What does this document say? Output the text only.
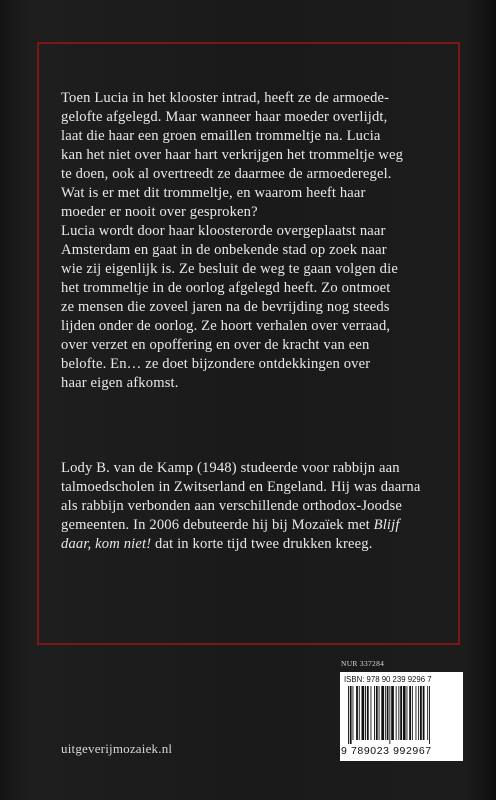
Toen Lucia in het klooster intrad, heeft ze de armoede-
gelofte afgelegd. Maar wanneer haar moeder overlijdt,
laat die haar een groen emaillen trommeltje na. Lucia
kan het niet over haar hart verkrijgen het trommeltje weg
te doen, ook al overtreedt ze daarmee de armoederegel.
Wat is er met dit trommeltje, en waarom heeft haar
moeder er nooit over gesproken?

Lucia wordt door haar kloosterorde overgeplaatst naar
Amsterdam en gaat in de onbekende stad op zoek naar
wie zij eigenlijk is. Ze besluit de weg te gaan volgen die
het trommeltje in de oorlog afgelegd heeft. Zo ontmoet
ze mensen die zoveel jaren na de bevrijding nog steeds
lijden onder de oorlog. Ze hoort verhalen over verraad,
over verzet en opoffering en over de kracht van een
belofte. En… ze doet bijzondere ontdekkingen over
haar eigen afkomst.

Lody B. van de Kamp (1948) studeerde voor rabbijn aan talmoedscholen in Zwitserland en Engeland. Hij was daarna als rabbijn verbonden aan verschillende orthodox-Joodse gemeenten. In 2006 debuteerde hij bij Mozaïek met Blijf daar, kom niet! dat in korte tijd twee drukken kreeg.

NUR 337284
ISBN: 978 90 239 9296 7
9 789023 992967
uitgeverijmozaiek.nl
